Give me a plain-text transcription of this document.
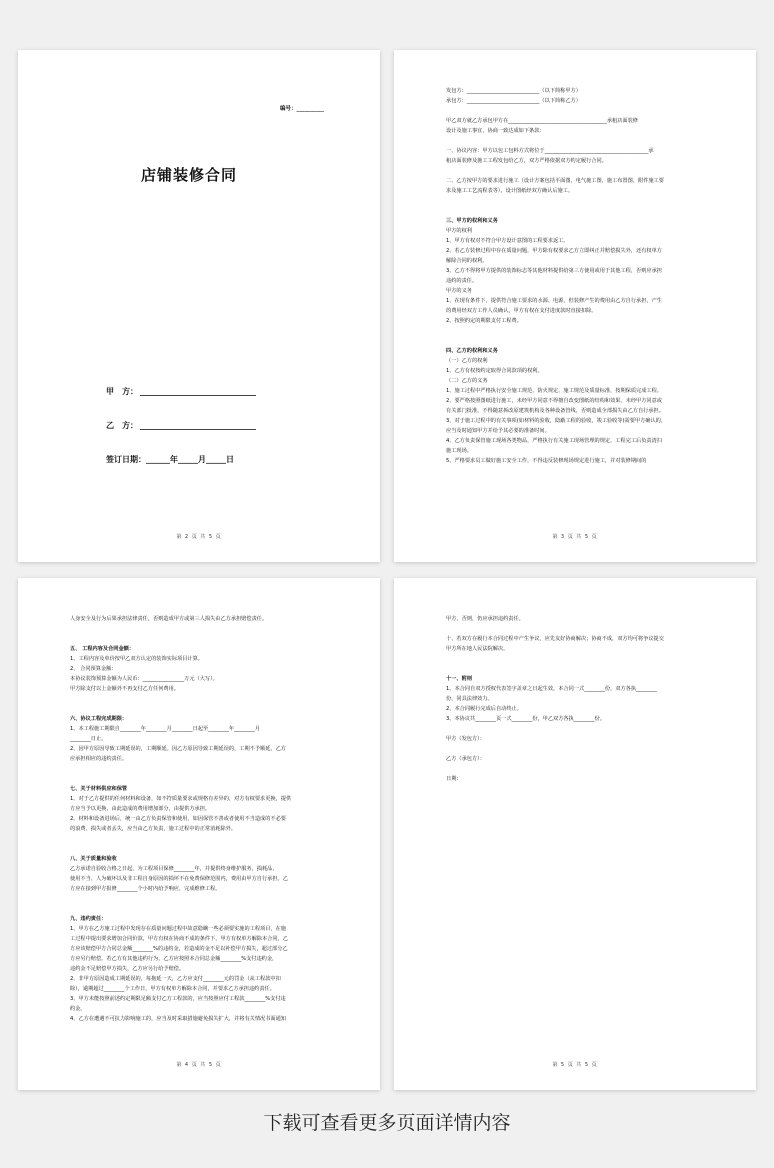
编号：__________
店铺装修合同
甲　方：
乙　方：
签订日期：______年_____月_____日
第 2 页 共 5 页
发包方：____________________________（以下简称甲方）
承包方：____________________________（以下简称乙方）
甲乙双方就乙方承包甲方在______________________________________承租店面装修
设计及施工事宜，协商一致达成如下条款：
一、协议内容：甲方以包工包料方式将位于________________________________________承
租店面装修及施工工程发包给乙方，双方严格依据双方约定履行合同。
二、乙方按甲方的要求进行施工（设计方案包括平面图、电气施工图、施工布置图、附件施工要
求及施工工艺流程表等），设计图纸经双方确认后施工。
三、甲方的权利和义务
甲方的权利
1、甲方有权对不符合甲方设计意图的工程要求返工。
2、若乙方装修过程中存在质量问题，甲方除有权要求乙方立即纠正并赔偿损失外，还有权单方
解除合同的权利。
3、乙方不得将甲方提供的装饰标志等其他材料提供给第三方使用或用于其他工程，否则应承担
违约的责任。
甲方的义务
1、在现有条件下，提供符合施工要求的水源、电源，但装修产生的费用由乙方自行承担，产生
的费用经双方工作人员确认，甲方有权在支付进度款时直接扣除。
2、按照约定的期限支付工程费。
四、乙方的权利和义务
（一）乙方的权利
1、乙方有权按约定取得合同款项的权利。
（二）乙方的义务
1、施工过程中严格执行安全施工规范、防火规定、施工规范及质量标准，按期保质完成工程。
2、要严格按照图纸进行施工，未经甲方同意不得擅自改变图纸的结构和效果。未经甲方同意或
有关部门批准，不得随意拆改原建筑机构及各种设备管线，否则造成全部损失由乙方自行承担。
3、对于施工过程中的有关事项(如材料的验收，隐蔽工程的验收，竣工验收等)需要甲方确认的，
应当及时通知甲方并给予其必要的准备时间。
4、乙方负责保管施工现场各类物品，严格执行有关施工现场管理的规定，工程完工后负责清扫
施工现场。
5、严格要求员工做好施工安全工作，不得违反装修现场规定进行施工，并对装修期间的
第 3 页 共 5 页
人身安全及行为后果承担法律责任，否则造成甲方或第三人损失由乙方承担赔偿责任。
五、 工程内容及合同金额：
1、工程内容及单价按甲乙双方认定的装饰实际项目计算。
2、 合同预算金额：
本协议装饰预算金额为人民币：________________万元（大写）。
甲方除支付以上金额外不再支付乙方任何费用。
六、协议工程完成期限：
1、本工程施工期限自________年________月________日起至________年________月
________日止。
2、因甲方原因导致工期延误的，工期顺延。因乙方原因导致工期延误的，工期不予顺延，乙方
应承担相应的违约责任。
七、关于材料供应和保管
1、对于乙方提供的任何材料和设备，如不符质量要求或规格有差异的，对方有权要求更换，提供
方应当予以更换，由此造成的费用增加部分，由提供方承担。
2、材料和设备进场后，统一由乙方负责保管和使用，如因保管不善或者使用不当造成的不必要
的浪费、损失或者丢失，应当由乙方负责，施工过程中的正常消耗除外。
八、关于质量和验收
乙方承诺自验收合格之日起，为工程项目保修________年，并提供终身维护服务，损耗品、
使用不当、人为破坏以及非工程自身原因的损坏不在免费保修范围内，费用由甲方自行承担。乙
方应在接到甲方报修________个小时内给予响应，完成维修工程。
九、违约责任：
1、甲方在乙方施工过程中发现存在质量问题过程中故意隐瞒一些必须要实施的工程项目，在施
工过程中提出要求增加合同价款，甲方有权在协商不成的条件下，甲方有权单方解除本合同，乙
方应该赔偿甲方合同总金额________%的违约金，若造成的金不足以补偿甲方损失，超过部分乙
方应另行赔偿。若乙方有其他违约行为，乙方应按照本合同总金额________%支付违约金，
违约金不足赔偿甲方损失，乙方应另行给予赔偿。
2、非甲方原因造成工期延误的，每拖延一天，乙方应支付________元的罚金（从工程款中扣
除），逾期超过________个工作日，甲方有权单方解除本合同，并要求乙方承担违约责任。
3、甲方未能按照前述约定期限足额支付乙方工程款的，应当按照应付工程款________%支付违
约金。
4、乙方在遭遇不可抗力影响施工的，应当及时采取措施避免损失扩大，并将有关情况书面通知
第 4 页 共 5 页
甲方，否则，仍应承担违约责任。
十、若双方在履行本合同过程中产生争议，应先友好协商解决；协商不成，双方均可将争议提交
甲方所在地人民法院解决。
十一、附则
1、本合同自双方授权代表签字盖章之日起生效。本合同一式________份，双方各执________
份，同具法律效力。
2、本合同履行完成后自动终止。
3、本协议共________页一式________份，甲乙双方各执________份。
甲方（发包方）：
乙方（承包方）：
日期：
第 5 页 共 5 页
下载可查看更多页面详情内容
